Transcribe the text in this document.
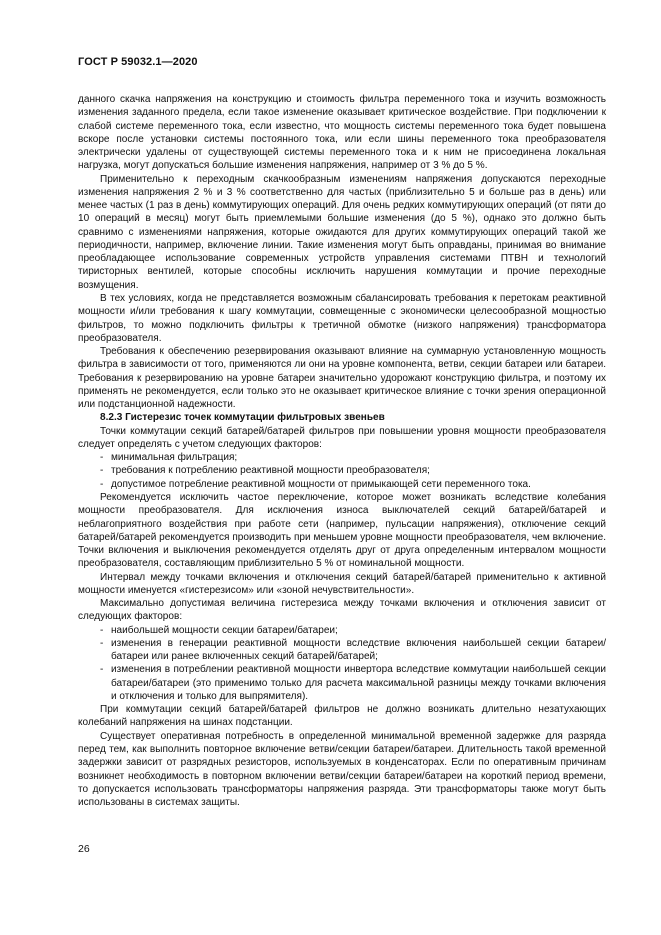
ГОСТ Р 59032.1—2020

данного скачка напряжения на конструкцию и стоимость фильтра переменного тока и изучить возможность изменения заданного предела, если такое изменение оказывает критическое воздействие. При подключении к слабой системе переменного тока, если известно, что мощность системы переменного тока будет повышена вскоре после установки системы постоянного тока, или если шины переменного тока преобразователя электрически удалены от существующей системы переменного тока и к ним не присоединена локальная нагрузка, могут допускаться большие изменения напряжения, например от 3 % до 5 %.

Применительно к переходным скачкообразным изменениям напряжения допускаются переходные изменения напряжения 2 % и 3 % соответственно для частых (приблизительно 5 и больше раз в день) или менее частых (1 раз в день) коммутирующих операций. Для очень редких коммутирующих операций (от пяти до 10 операций в месяц) могут быть приемлемыми большие изменения (до 5 %), однако это должно быть сравнимо с изменениями напряжения, которые ожидаются для других коммутирующих операций такой же периодичности, например, включение линии. Такие изменения могут быть оправданы, принимая во внимание преобладающее использование современных устройств управления системами ПТВН и технологий тиристорных вентилей, которые способны исключить нарушения коммутации и прочие переходные возмущения.

В тех условиях, когда не представляется возможным сбалансировать требования к перетокам реактивной мощности и/или требования к шагу коммутации, совмещенные с экономически целесообразной мощностью фильтров, то можно подключить фильтры к третичной обмотке (низкого напряжения) трансформатора преобразователя.

Требования к обеспечению резервирования оказывают влияние на суммарную установленную мощность фильтра в зависимости от того, применяются ли они на уровне компонента, ветви, секции батареи или батареи. Требования к резервированию на уровне батареи значительно удорожают конструкцию фильтра, и поэтому их применять не рекомендуется, если только это не оказывает критическое влияние с точки зрения операционной или подстанционной надежности.

8.2.3 Гистерезис точек коммутации фильтровых звеньев

Точки коммутации секций батарей/батарей фильтров при повышении уровня мощности преобразователя следует определять с учетом следующих факторов:

- минимальная фильтрация;

- требования к потреблению реактивной мощности преобразователя;

- допустимое потребление реактивной мощности от примыкающей сети переменного тока.

Рекомендуется исключить частое переключение, которое может возникать вследствие колебания мощности преобразователя. Для исключения износа выключателей секций батарей/батарей и неблагоприятного воздействия при работе сети (например, пульсации напряжения), отключение секций батарей/батарей рекомендуется производить при меньшем уровне мощности преобразователя, чем включение. Точки включения и выключения рекомендуется отделять друг от друга определенным интервалом мощности преобразователя, составляющим приблизительно 5 % от номинальной мощности.

Интервал между точками включения и отключения секций батарей/батарей применительно к активной мощности именуется «гистерезисом» или «зоной нечувствительности».

Максимально допустимая величина гистерезиса между точками включения и отключения зависит от следующих факторов:

- наибольшей мощности секции батареи/батареи;

- изменения в генерации реактивной мощности вследствие включения наибольшей секции батареи/батареи или ранее включенных секций батарей/батарей;

- изменения в потреблении реактивной мощности инвертора вследствие коммутации наибольшей секции батареи/батареи (это применимо только для расчета максимальной разницы между точками включения и отключения и только для выпрямителя).

При коммутации секций батарей/батарей фильтров не должно возникать длительно незатухающих колебаний напряжения на шинах подстанции.

Существует оперативная потребность в определенной минимальной временной задержке для разряда перед тем, как выполнить повторное включение ветви/секции батареи/батареи. Длительность такой временной задержки зависит от разрядных резисторов, используемых в конденсаторах. Если по оперативным причинам возникнет необходимость в повторном включении ветви/секции батареи/батареи на короткий период времени, то допускается использовать трансформаторы напряжения разряда. Эти трансформаторы также могут быть использованы в системах защиты.

26
